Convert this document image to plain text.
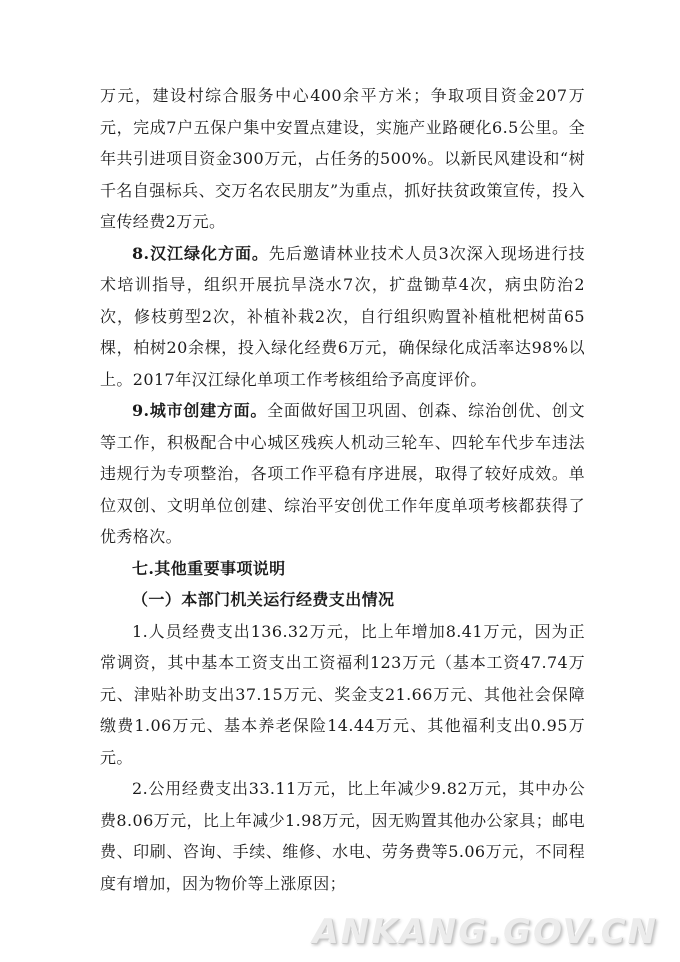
万元，建设村综合服务中心400余平方米；争取项目资金207万元，完成7户五保户集中安置点建设，实施产业路硬化6.5公里。全年共引进项目资金300万元，占任务的500%。以新民风建设和“树千名自强标兵、交万名农民朋友”为重点，抓好扶贫政策宣传，投入宣传经费2万元。

8.汉江绿化方面。先后邀请林业技术人员3次深入现场进行技术培训指导，组织开展抗旱浇水7次，扩盘锄草4次，病虫防治2次，修枝剪型2次，补植补栽2次，自行组织购置补植枇杷树苗65棵，柏树20余棵，投入绿化经费6万元，确保绿化成活率达98%以上。2017年汉江绿化单项工作考核组给予高度评价。

9.城市创建方面。全面做好国卫巩固、创森、综治创优、创文等工作，积极配合中心城区残疾人机动三轮车、四轮车代步车违法违规行为专项整治，各项工作平稳有序进展，取得了较好成效。单位双创、文明单位创建、综治平安创优工作年度单项考核都获得了优秀格次。

七.其他重要事项说明

（一）本部门机关运行经费支出情况

1.人员经费支出136.32万元，比上年增加8.41万元，因为正常调资，其中基本工资支出工资福利123万元（基本工资47.74万元、津贴补助支出37.15万元、奖金支21.66万元、其他社会保障缴费1.06万元、基本养老保险14.44万元、其他福利支出0.95万元。

2.公用经费支出33.11万元，比上年减少9.82万元，其中办公费8.06万元，比上年减少1.98万元，因无购置其他办公家具；邮电费、印刷、咨询、手续、维修、水电、劳务费等5.06万元，不同程度有增加，因为物价等上涨原因；

ANKANG.GOV.CN
